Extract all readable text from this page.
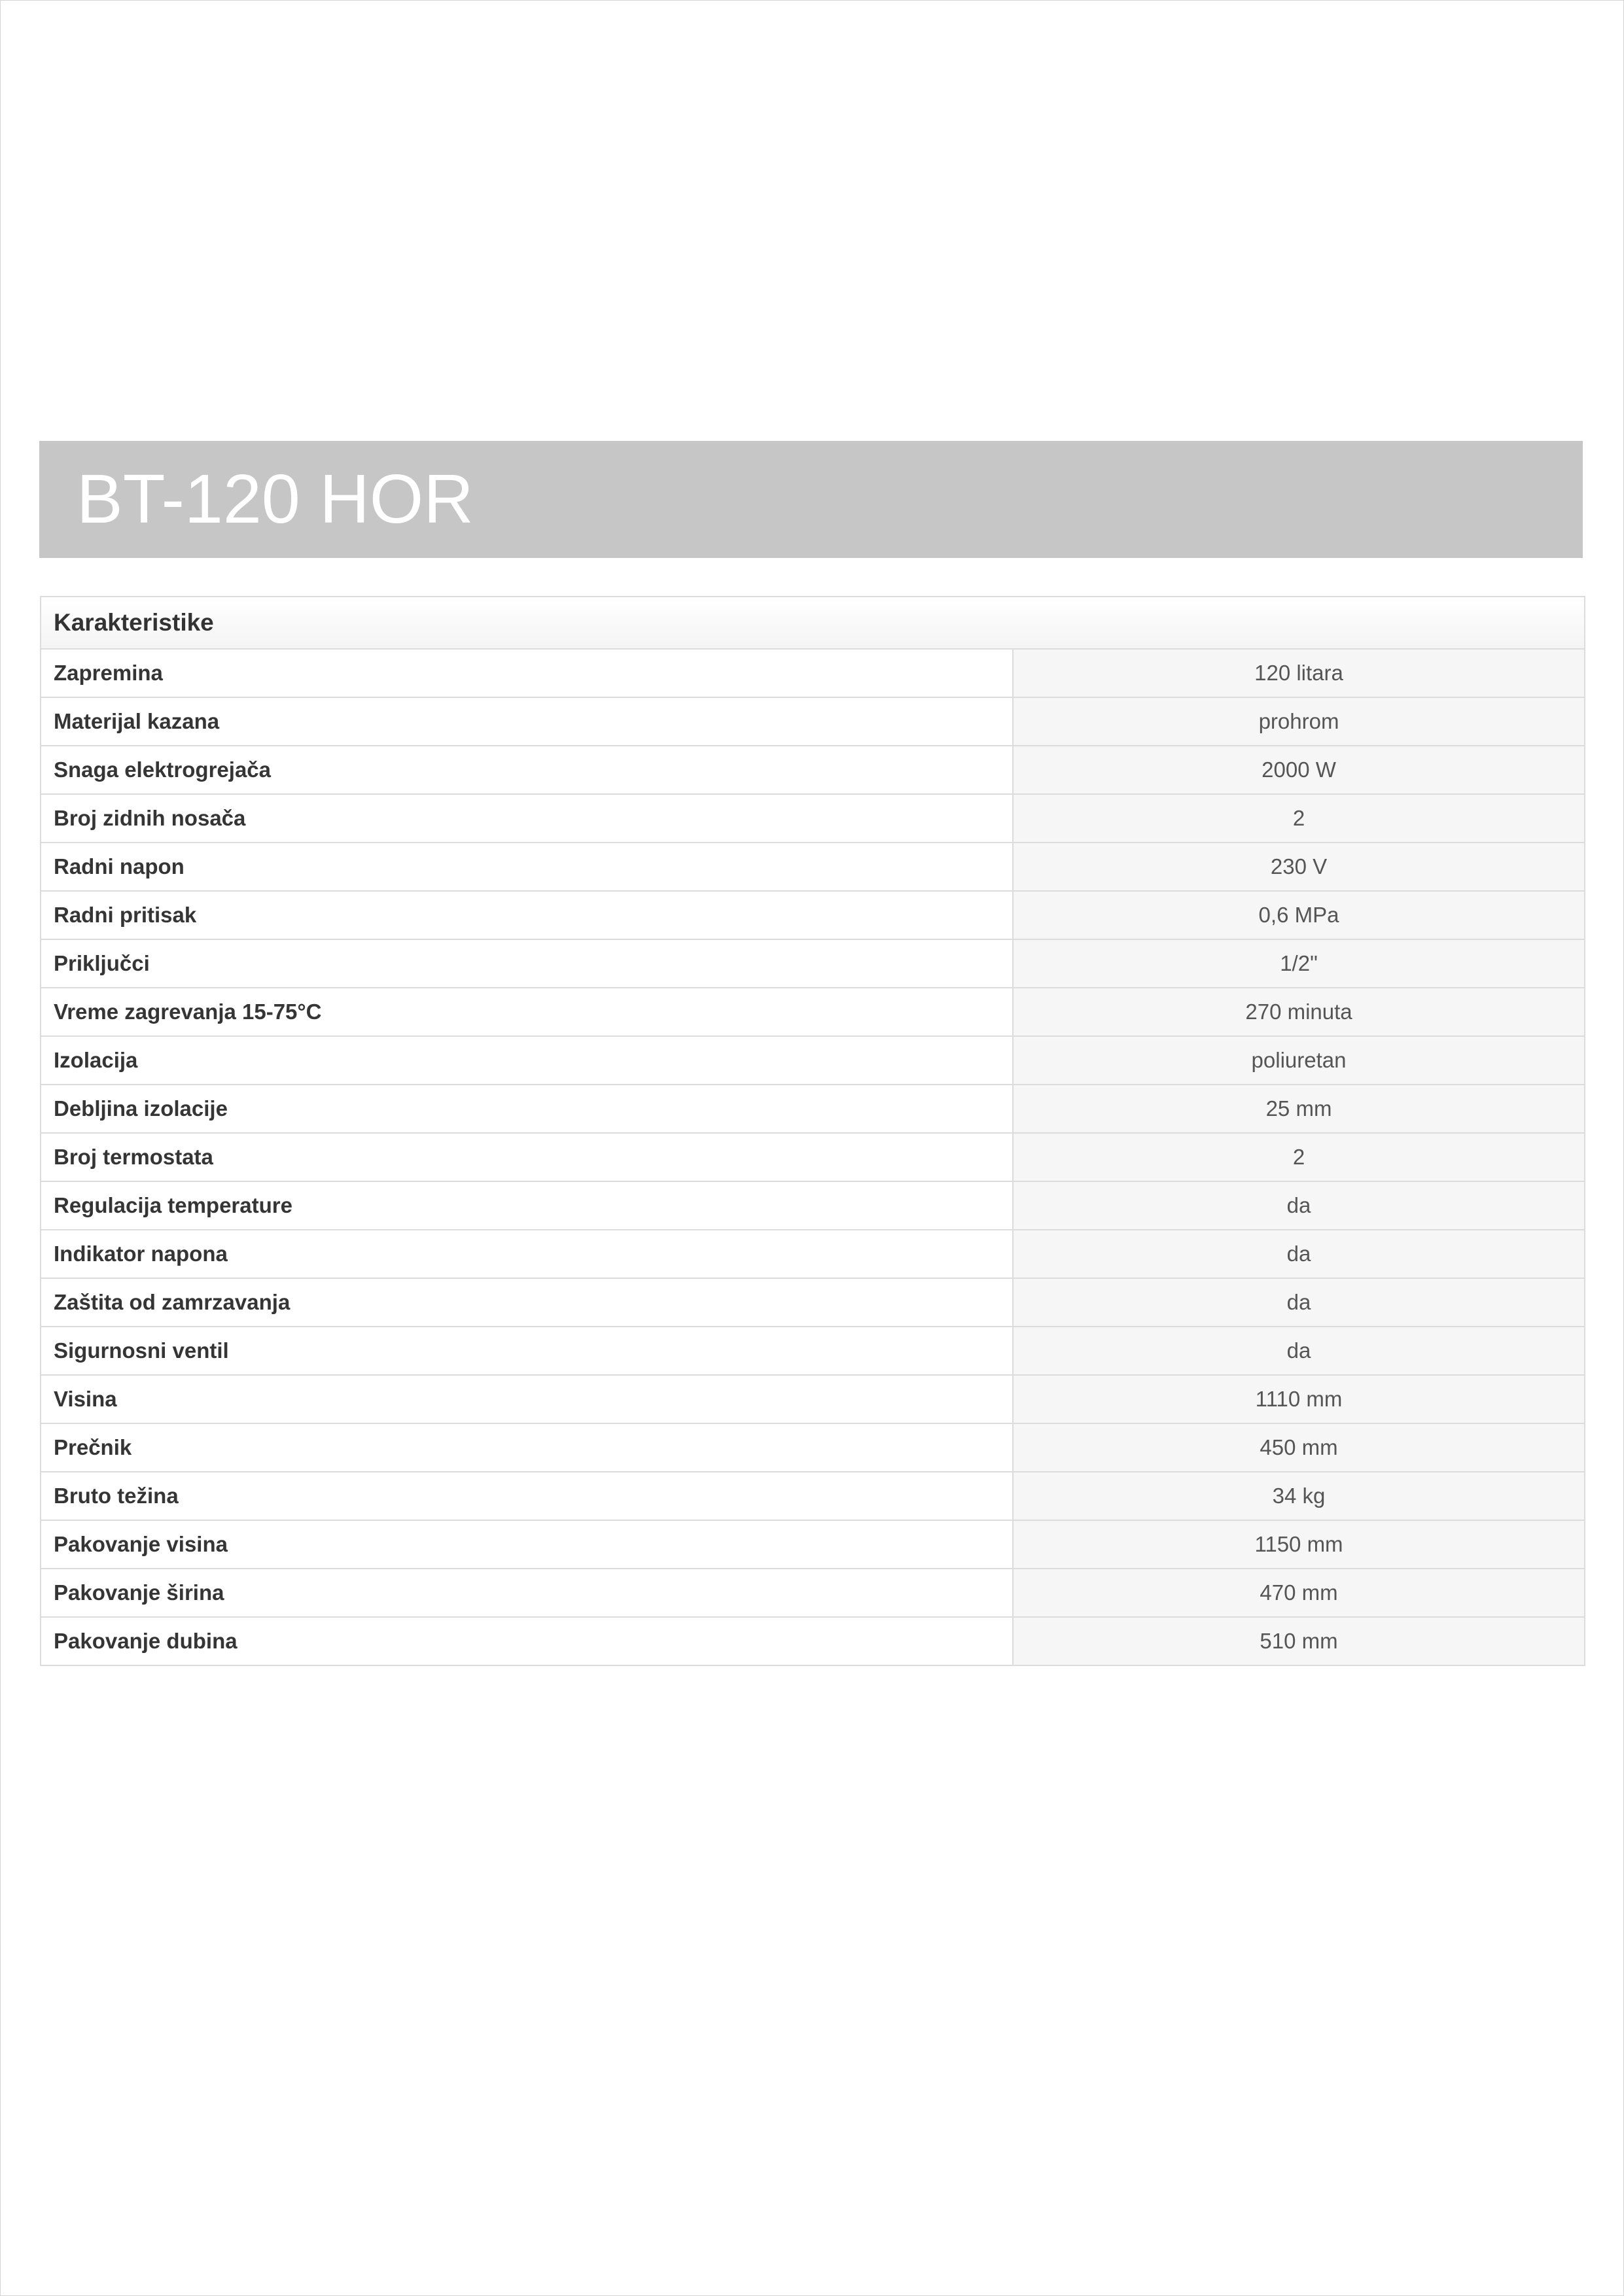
BT-120 HOR
Karakteristike	
Zapremina	120 litara
Materijal kazana	prohrom
Snaga elektrogrejača	2000 W
Broj zidnih nosača	2
Radni napon	230 V
Radni pritisak	0,6 MPa
Priključci	1/2"
Vreme zagrevanja 15-75°C	270 minuta
Izolacija	poliuretan
Debljina izolacije	25 mm
Broj termostata	2
Regulacija temperature	da
Indikator napona	da
Zaštita od zamrzavanja	da
Sigurnosni ventil	da
Visina	1110 mm
Prečnik	450 mm
Bruto težina	34 kg
Pakovanje visina	1150 mm
Pakovanje širina	470 mm
Pakovanje dubina	510 mm
